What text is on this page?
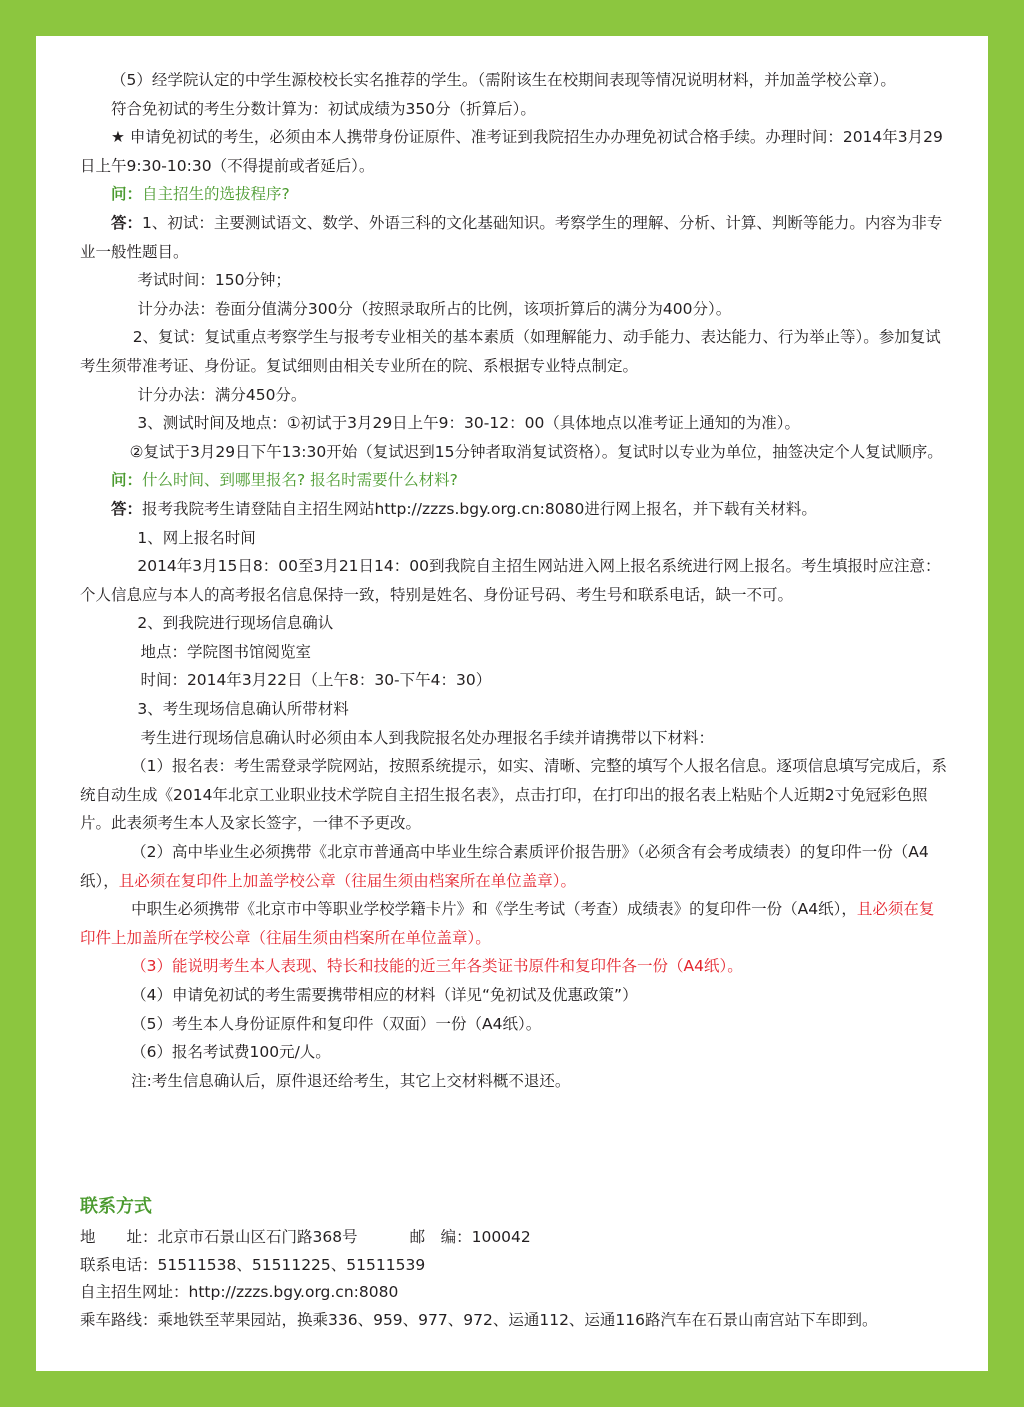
（5）经学院认定的中学生源校校长实名推荐的学生。（需附该生在校期间表现等情况说明材料，并加盖学校公章）。

符合免初试的考生分数计算为：初试成绩为350分（折算后）。

★ 申请免初试的考生，必须由本人携带身份证原件、准考证到我院招生办办理免初试合格手续。办理时间：2014年3月29日上午9:30-10:30（不得提前或者延后）。

问：自主招生的选拔程序?

答：1、初试：主要测试语文、数学、外语三科的文化基础知识。考察学生的理解、分析、计算、判断等能力。内容为非专业一般性题目。

考试时间：150分钟；

计分办法：卷面分值满分300分（按照录取所占的比例，该项折算后的满分为400分）。

2、复试：复试重点考察学生与报考专业相关的基本素质（如理解能力、动手能力、表达能力、行为举止等）。参加复试考生须带准考证、身份证。复试细则由相关专业所在的院、系根据专业特点制定。

计分办法：满分450分。

3、测试时间及地点：①初试于3月29日上午9：30-12：00（具体地点以准考证上通知的为准）。

②复试于3月29日下午13:30开始（复试迟到15分钟者取消复试资格）。复试时以专业为单位，抽签决定个人复试顺序。

问：什么时间、到哪里报名? 报名时需要什么材料?

答：报考我院考生请登陆自主招生网站http://zzzs.bgy.org.cn:8080进行网上报名，并下载有关材料。

1、网上报名时间

2014年3月15日8：00至3月21日14：00到我院自主招生网站进入网上报名系统进行网上报名。考生填报时应注意：个人信息应与本人的高考报名信息保持一致，特别是姓名、身份证号码、考生号和联系电话，缺一不可。

2、到我院进行现场信息确认

地点：学院图书馆阅览室

时间：2014年3月22日（上午8：30-下午4：30）

3、考生现场信息确认所带材料

考生进行现场信息确认时必须由本人到我院报名处办理报名手续并请携带以下材料：

（1）报名表：考生需登录学院网站，按照系统提示，如实、清晰、完整的填写个人报名信息。逐项信息填写完成后，系统自动生成《2014年北京工业职业技术学院自主招生报名表》，点击打印，在打印出的报名表上粘贴个人近期2寸免冠彩色照片。此表须考生本人及家长签字，一律不予更改。

（2）高中毕业生必须携带《北京市普通高中毕业生综合素质评价报告册》（必须含有会考成绩表）的复印件一份（A4纸），且必须在复印件上加盖学校公章（往届生须由档案所在单位盖章）。

中职生必须携带《北京市中等职业学校学籍卡片》和《学生考试（考查）成绩表》的复印件一份（A4纸），且必须在复印件上加盖所在学校公章（往届生须由档案所在单位盖章）。

（3）能说明考生本人表现、特长和技能的近三年各类证书原件和复印件各一份（A4纸）。

（4）申请免初试的考生需要携带相应的材料（详见“免初试及优惠政策”）

（5）考生本人身份证原件和复印件（双面）一份（A4纸）。

（6）报名考试费100元/人。

注:考生信息确认后，原件退还给考生，其它上交材料概不退还。

联系方式

地　　址：北京市石景山区石门路368号	邮　编：100042

联系电话：51511538、51511225、51511539

自主招生网址：http://zzzs.bgy.org.cn:8080

乘车路线：乘地铁至苹果园站，换乘336、959、977、972、运通112、运通116路汽车在石景山南宫站下车即到。
